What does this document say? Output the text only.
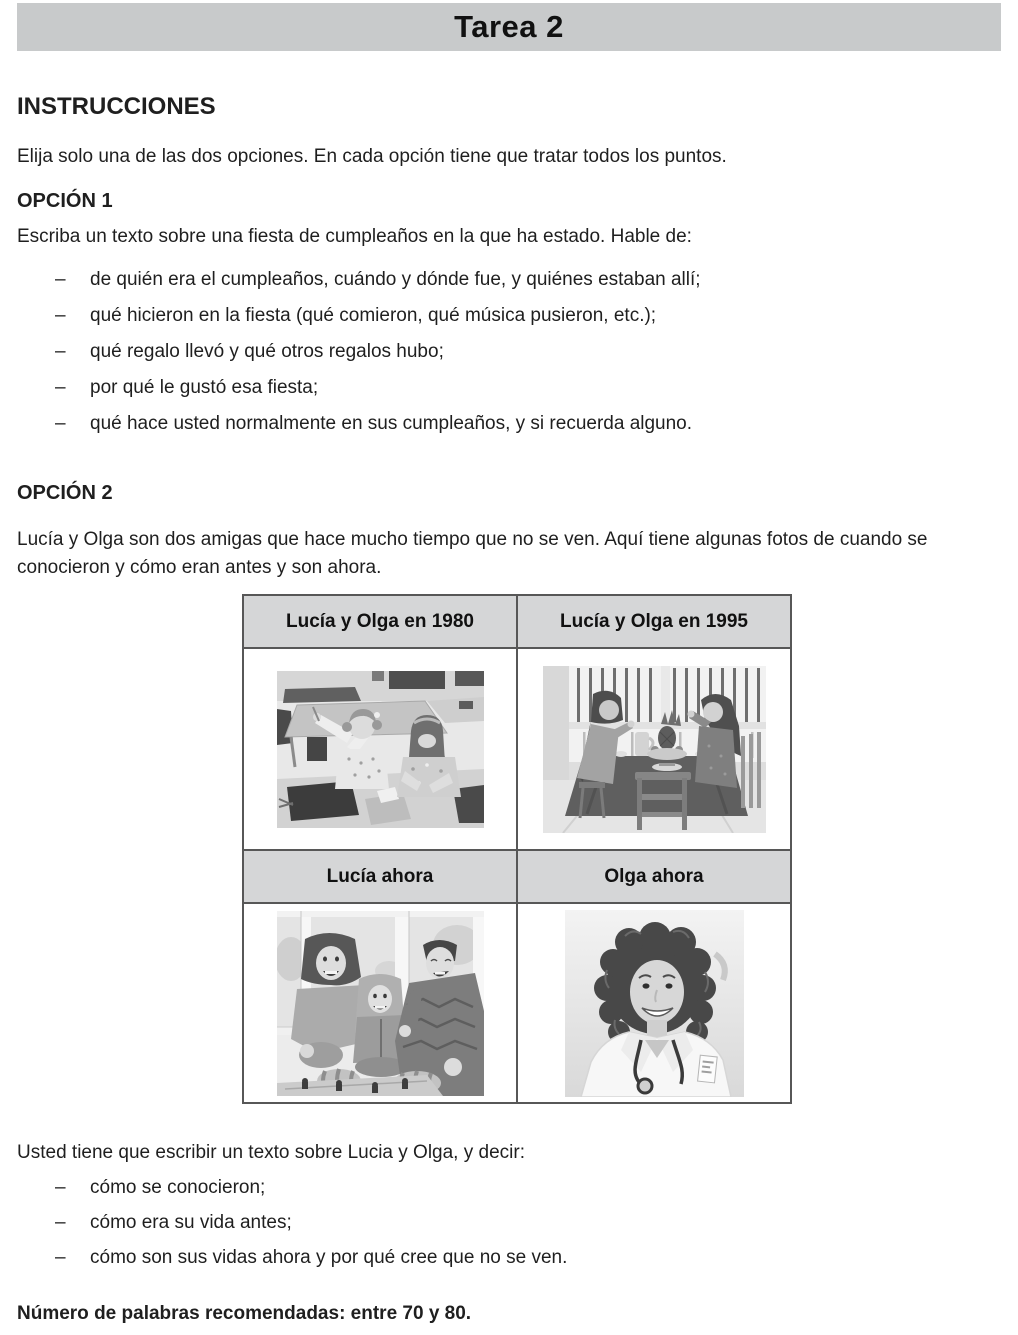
Tarea 2
INSTRUCCIONES

Elija solo una de las dos opciones. En cada opción tiene que tratar todos los puntos.

OPCIÓN 1

Escriba un texto sobre una fiesta de cumpleaños en la que ha estado. Hable de:

–	de quién era el cumpleaños, cuándo y dónde fue, y quiénes estaban allí;
–	qué hicieron en la fiesta (qué comieron, qué música pusieron, etc.);
–	qué regalo llevó y qué otros regalos hubo;
–	por qué le gustó esa fiesta;
–	qué hace usted normalmente en sus cumpleaños, y si recuerda alguno.
OPCIÓN 2

Lucía y Olga son dos amigas que hace mucho tiempo que no se ven. Aquí tiene algunas fotos de cuando se conocieron y cómo eran antes y son ahora.

Lucía y Olga en 1980	Lucía y Olga en 1995

Lucía ahora	Olga ahora

Usted tiene que escribir un texto sobre Lucia y Olga, y decir:

–	cómo se conocieron;
–	cómo era su vida antes;
–	cómo son sus vidas ahora y por qué cree que no se ven.

Número de palabras recomendadas: entre 70 y 80.
